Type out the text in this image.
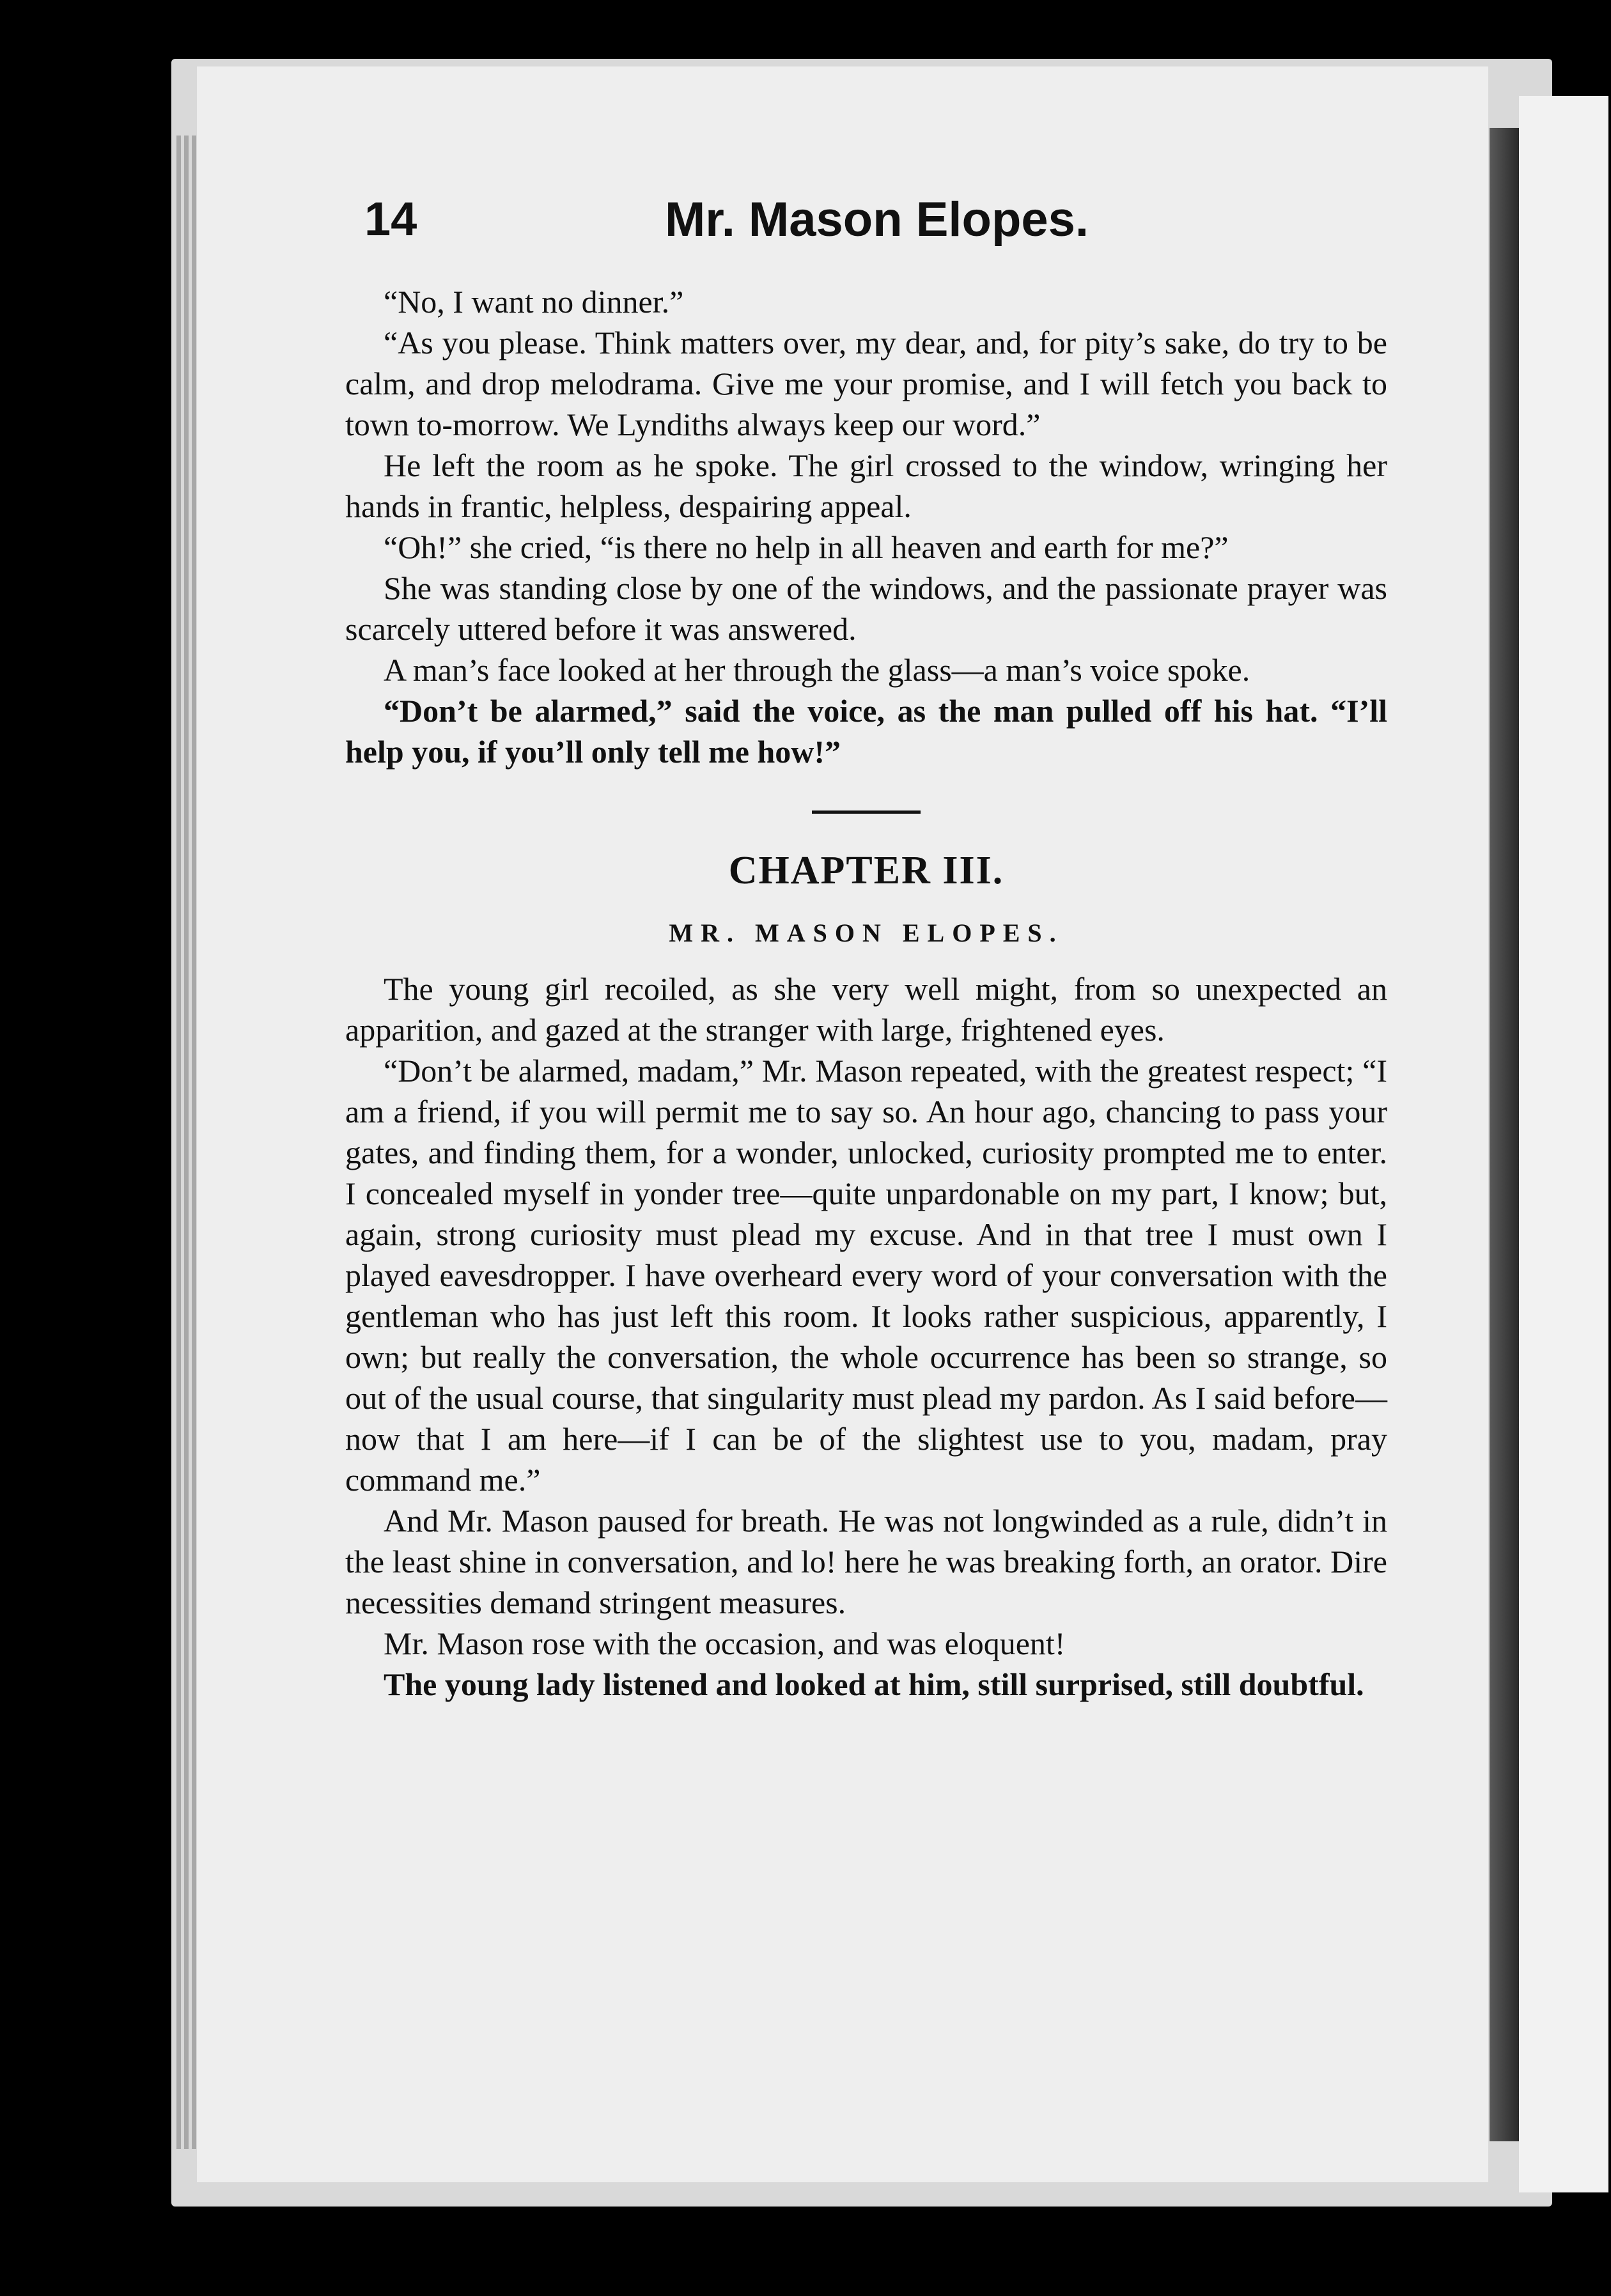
14	Mr. Mason Elopes.

“No, I want no dinner.”

“As you please. Think matters over, my dear, and, for pity’s sake, do try to be calm, and drop melodrama. Give me your promise, and I will fetch you back to town to-morrow. We Lyndiths always keep our word.”

He left the room as he spoke. The girl crossed to the window, wringing her hands in frantic, helpless, despairing appeal.

“Oh!” she cried, “is there no help in all heaven and earth for me?”

She was standing close by one of the windows, and the passionate prayer was scarcely uttered before it was answered.

A man’s face looked at her through the glass—a man’s voice spoke.

“Don’t be alarmed,” said the voice, as the man pulled off his hat. “I’ll help you, if you’ll only tell me how!”

CHAPTER III.
MR. MASON ELOPES.

The young girl recoiled, as she very well might, from so unexpected an apparition, and gazed at the stranger with large, frightened eyes.

“Don’t be alarmed, madam,” Mr. Mason repeated, with the greatest respect; “I am a friend, if you will permit me to say so. An hour ago, chancing to pass your gates, and finding them, for a wonder, unlocked, curiosity prompted me to enter. I concealed myself in yonder tree—quite unpardonable on my part, I know; but, again, strong curiosity must plead my excuse. And in that tree I must own I played eavesdropper. I have overheard every word of your conversation with the gentleman who has just left this room. It looks rather suspicious, apparently, I own; but really the conversation, the whole occurrence has been so strange, so out of the usual course, that singularity must plead my pardon. As I said before—now that I am here—if I can be of the slightest use to you, madam, pray command me.”

And Mr. Mason paused for breath. He was not longwinded as a rule, didn’t in the least shine in conversation, and lo! here he was breaking forth, an orator. Dire necessities demand stringent measures.

Mr. Mason rose with the occasion, and was eloquent!

The young lady listened and looked at him, still surprised, still doubtful.
